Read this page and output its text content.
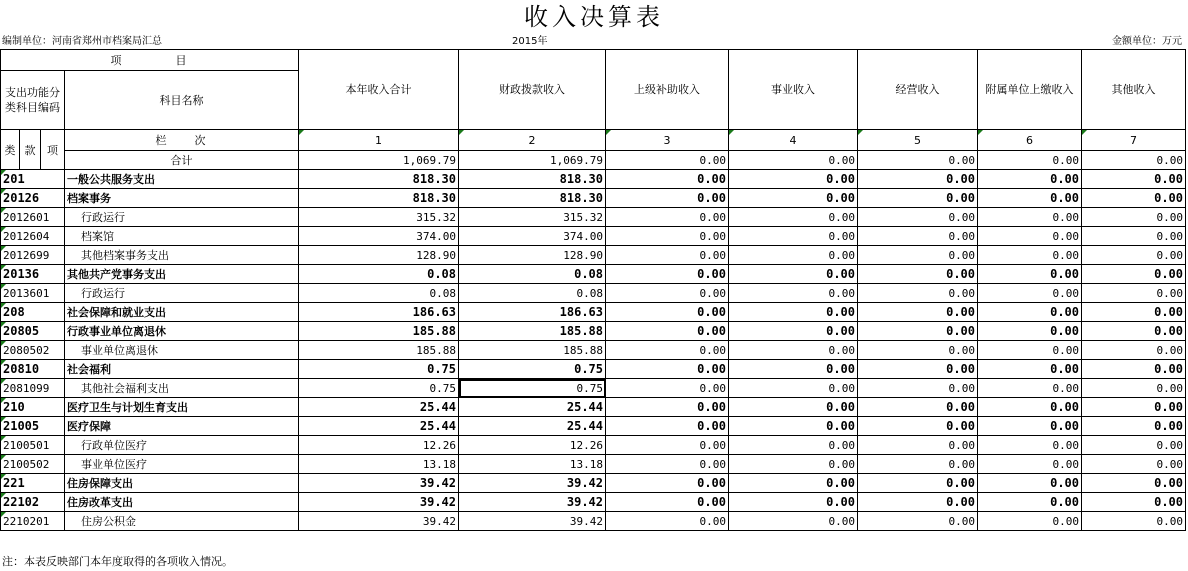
收入决算表
编制单位：河南省郑州市档案局汇总	2015年	金额单位：万元
项　　　　目				本年收入合计	财政拨款收入	上级补助收入	事业收入	经营收入	附属单位上缴收入	其他收入
支出功能分类科目编码			科目名称							
类	款	项	栏　　次	1	2	3	4	5	6	7
			合计	1,069.79	1,069.79	0.00	0.00	0.00	0.00	0.00
201			一般公共服务支出	818.30	818.30	0.00	0.00	0.00	0.00	0.00
20126			档案事务	818.30	818.30	0.00	0.00	0.00	0.00	0.00
2012601			行政运行	315.32	315.32	0.00	0.00	0.00	0.00	0.00
2012604			档案馆	374.00	374.00	0.00	0.00	0.00	0.00	0.00
2012699			其他档案事务支出	128.90	128.90	0.00	0.00	0.00	0.00	0.00
20136			其他共产党事务支出	0.08	0.08	0.00	0.00	0.00	0.00	0.00
2013601			行政运行	0.08	0.08	0.00	0.00	0.00	0.00	0.00
208			社会保障和就业支出	186.63	186.63	0.00	0.00	0.00	0.00	0.00
20805			行政事业单位离退休	185.88	185.88	0.00	0.00	0.00	0.00	0.00
2080502			事业单位离退休	185.88	185.88	0.00	0.00	0.00	0.00	0.00
20810			社会福利	0.75	0.75	0.00	0.00	0.00	0.00	0.00
2081099			其他社会福利支出	0.75	0.75	0.00	0.00	0.00	0.00	0.00
210			医疗卫生与计划生育支出	25.44	25.44	0.00	0.00	0.00	0.00	0.00
21005			医疗保障	25.44	25.44	0.00	0.00	0.00	0.00	0.00
2100501			行政单位医疗	12.26	12.26	0.00	0.00	0.00	0.00	0.00
2100502			事业单位医疗	13.18	13.18	0.00	0.00	0.00	0.00	0.00
221			住房保障支出	39.42	39.42	0.00	0.00	0.00	0.00	0.00
22102			住房改革支出	39.42	39.42	0.00	0.00	0.00	0.00	0.00
2210201			住房公积金	39.42	39.42	0.00	0.00	0.00	0.00	0.00
注：本表反映部门本年度取得的各项收入情况。
